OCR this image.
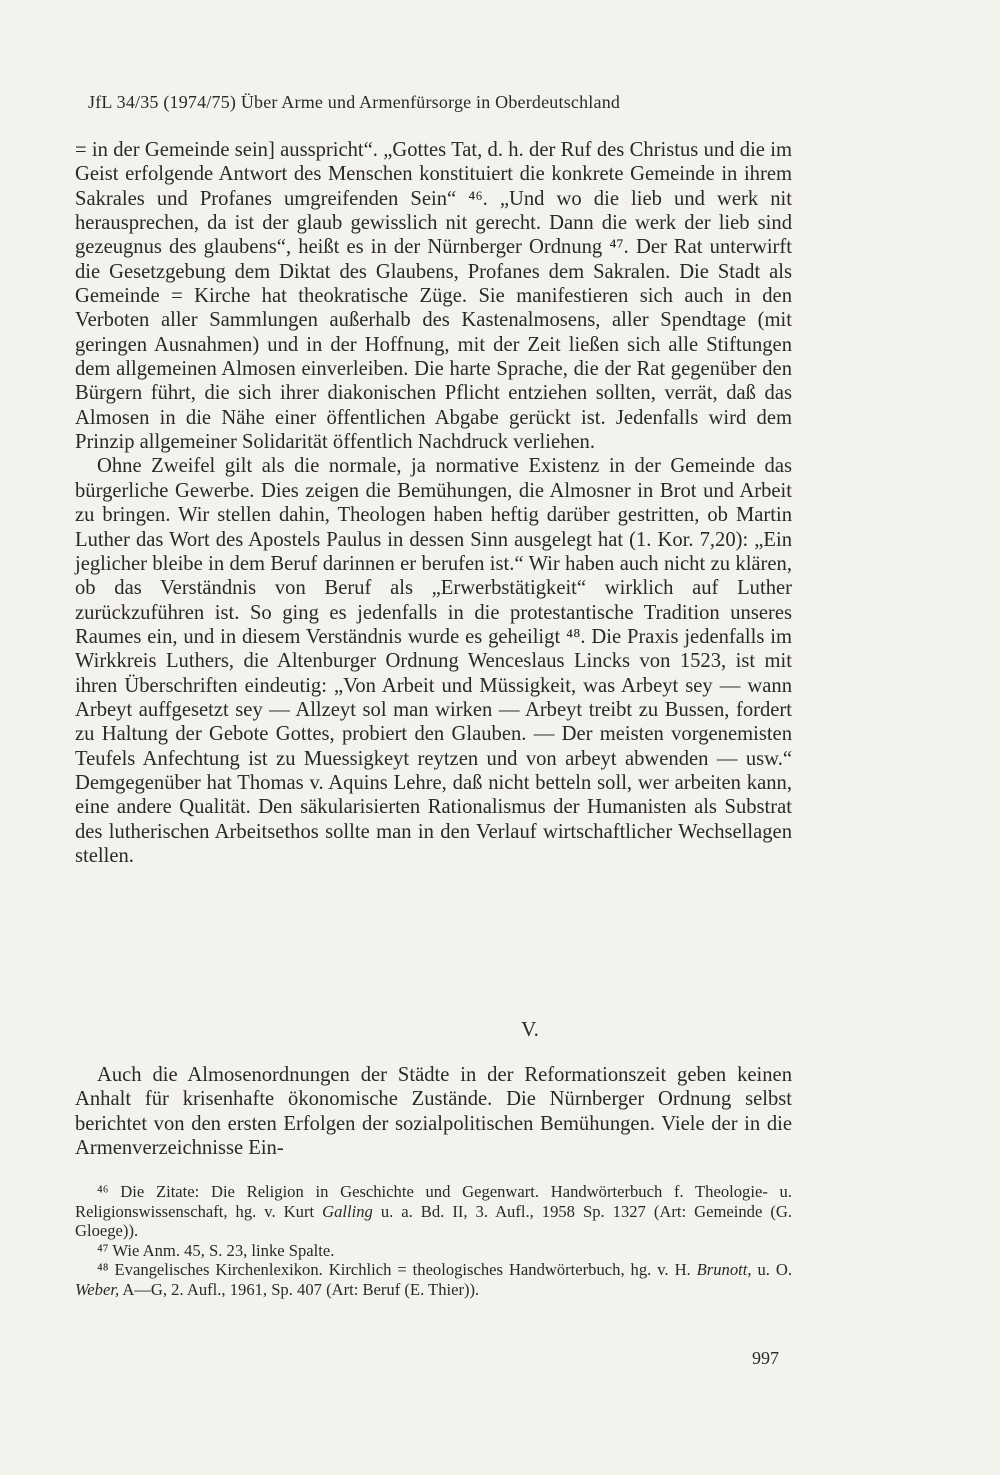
JfL 34/35 (1974/75) Über Arme und Armenfürsorge in Oberdeutschland

= in der Gemeinde sein] ausspricht“. „Gottes Tat, d. h. der Ruf des Christus und die im Geist erfolgende Antwort des Menschen konstituiert die konkrete Gemeinde in ihrem Sakrales und Profanes umgreifenden Sein“ ⁴⁶. „Und wo die lieb und werk nit herausprechen, da ist der glaub gewisslich nit gerecht. Dann die werk der lieb sind gezeugnus des glaubens“, heißt es in der Nürnberger Ordnung ⁴⁷. Der Rat unterwirft die Gesetzgebung dem Diktat des Glaubens, Profanes dem Sakralen. Die Stadt als Gemeinde = Kirche hat theokratische Züge. Sie manifestieren sich auch in den Verboten aller Sammlungen außerhalb des Kastenalmosens, aller Spendtage (mit geringen Ausnahmen) und in der Hoffnung, mit der Zeit ließen sich alle Stiftungen dem allgemeinen Almosen einverleiben. Die harte Sprache, die der Rat gegenüber den Bürgern führt, die sich ihrer diakonischen Pflicht entziehen sollten, verrät, daß das Almosen in die Nähe einer öffentlichen Abgabe gerückt ist. Jedenfalls wird dem Prinzip allgemeiner Solidarität öffentlich Nachdruck verliehen.

Ohne Zweifel gilt als die normale, ja normative Existenz in der Gemeinde das bürgerliche Gewerbe. Dies zeigen die Bemühungen, die Almosner in Brot und Arbeit zu bringen. Wir stellen dahin, Theologen haben heftig darüber gestritten, ob Martin Luther das Wort des Apostels Paulus in dessen Sinn ausgelegt hat (1. Kor. 7,20): „Ein jeglicher bleibe in dem Beruf darinnen er berufen ist.“ Wir haben auch nicht zu klären, ob das Verständnis von Beruf als „Erwerbstätigkeit“ wirklich auf Luther zurückzuführen ist. So ging es jedenfalls in die protestantische Tradition unseres Raumes ein, und in diesem Verständnis wurde es geheiligt ⁴⁸. Die Praxis jedenfalls im Wirkkreis Luthers, die Altenburger Ordnung Wenceslaus Lincks von 1523, ist mit ihren Überschriften eindeutig: „Von Arbeit und Müssigkeit, was Arbeyt sey — wann Arbeyt auffgesetzt sey — Allzeyt sol man wirken — Arbeyt treibt zu Bussen, fordert zu Haltung der Gebote Gottes, probiert den Glauben. — Der meisten vorgenemisten Teufels Anfechtung ist zu Muessigkeyt reytzen und von arbeyt abwenden — usw.“ Demgegenüber hat Thomas v. Aquins Lehre, daß nicht betteln soll, wer arbeiten kann, eine andere Qualität. Den säkularisierten Rationalismus der Humanisten als Substrat des lutherischen Arbeitsethos sollte man in den Verlauf wirtschaftlicher Wechsellagen stellen.

V.
Auch die Almosenordnungen der Städte in der Reformationszeit geben keinen Anhalt für krisenhafte ökonomische Zustände. Die Nürnberger Ordnung selbst berichtet von den ersten Erfolgen der sozialpolitischen Bemühungen. Viele der in die Armenverzeichnisse Ein-

⁴⁶ Die Zitate: Die Religion in Geschichte und Gegenwart. Handwörterbuch f. Theologie- u. Religionswissenschaft, hg. v. Kurt Galling u. a. Bd. II, 3. Aufl., 1958 Sp. 1327 (Art: Gemeinde (G. Gloege)).

⁴⁷ Wie Anm. 45, S. 23, linke Spalte.

⁴⁸ Evangelisches Kirchenlexikon. Kirchlich = theologisches Handwörterbuch, hg. v. H. Brunott, u. O. Weber, A—G, 2. Aufl., 1961, Sp. 407 (Art: Beruf (E. Thier)).

997
